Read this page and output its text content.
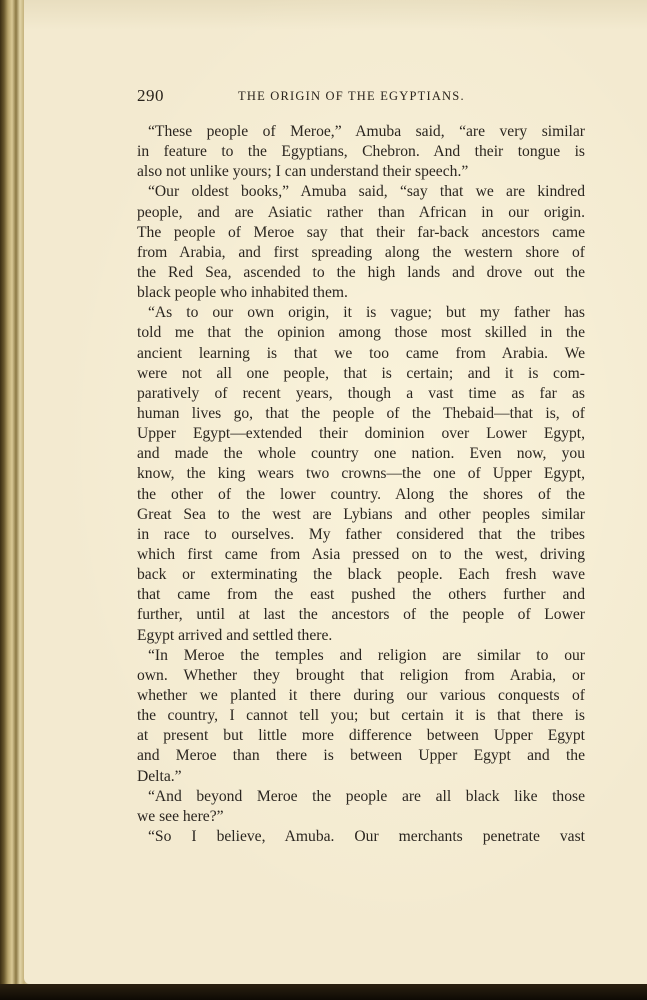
290	THE ORIGIN OF THE EGYPTIANS.
“These people of Meroe,” Amuba said, “are very similar
in feature to the Egyptians, Chebron. And their tongue is
also not unlike yours; I can understand their speech.”
“Our oldest books,” Amuba said, “say that we are kindred
people, and are Asiatic rather than African in our origin.
The people of Meroe say that their far-back ancestors came
from Arabia, and first spreading along the western shore of
the Red Sea, ascended to the high lands and drove out the
black people who inhabited them.
“As to our own origin, it is vague; but my father has
told me that the opinion among those most skilled in the
ancient learning is that we too came from Arabia. We
were not all one people, that is certain; and it is com-
paratively of recent years, though a vast time as far as
human lives go, that the people of the Thebaid—that is, of
Upper Egypt—extended their dominion over Lower Egypt,
and made the whole country one nation. Even now, you
know, the king wears two crowns—the one of Upper Egypt,
the other of the lower country. Along the shores of the
Great Sea to the west are Lybians and other peoples similar
in race to ourselves. My father considered that the tribes
which first came from Asia pressed on to the west, driving
back or exterminating the black people. Each fresh wave
that came from the east pushed the others further and
further, until at last the ancestors of the people of Lower
Egypt arrived and settled there.
“In Meroe the temples and religion are similar to our
own. Whether they brought that religion from Arabia, or
whether we planted it there during our various conquests of
the country, I cannot tell you; but certain it is that there is
at present but little more difference between Upper Egypt
and Meroe than there is between Upper Egypt and the
Delta.”
“And beyond Meroe the people are all black like those
we see here?”
“So I believe, Amuba. Our merchants penetrate vast
